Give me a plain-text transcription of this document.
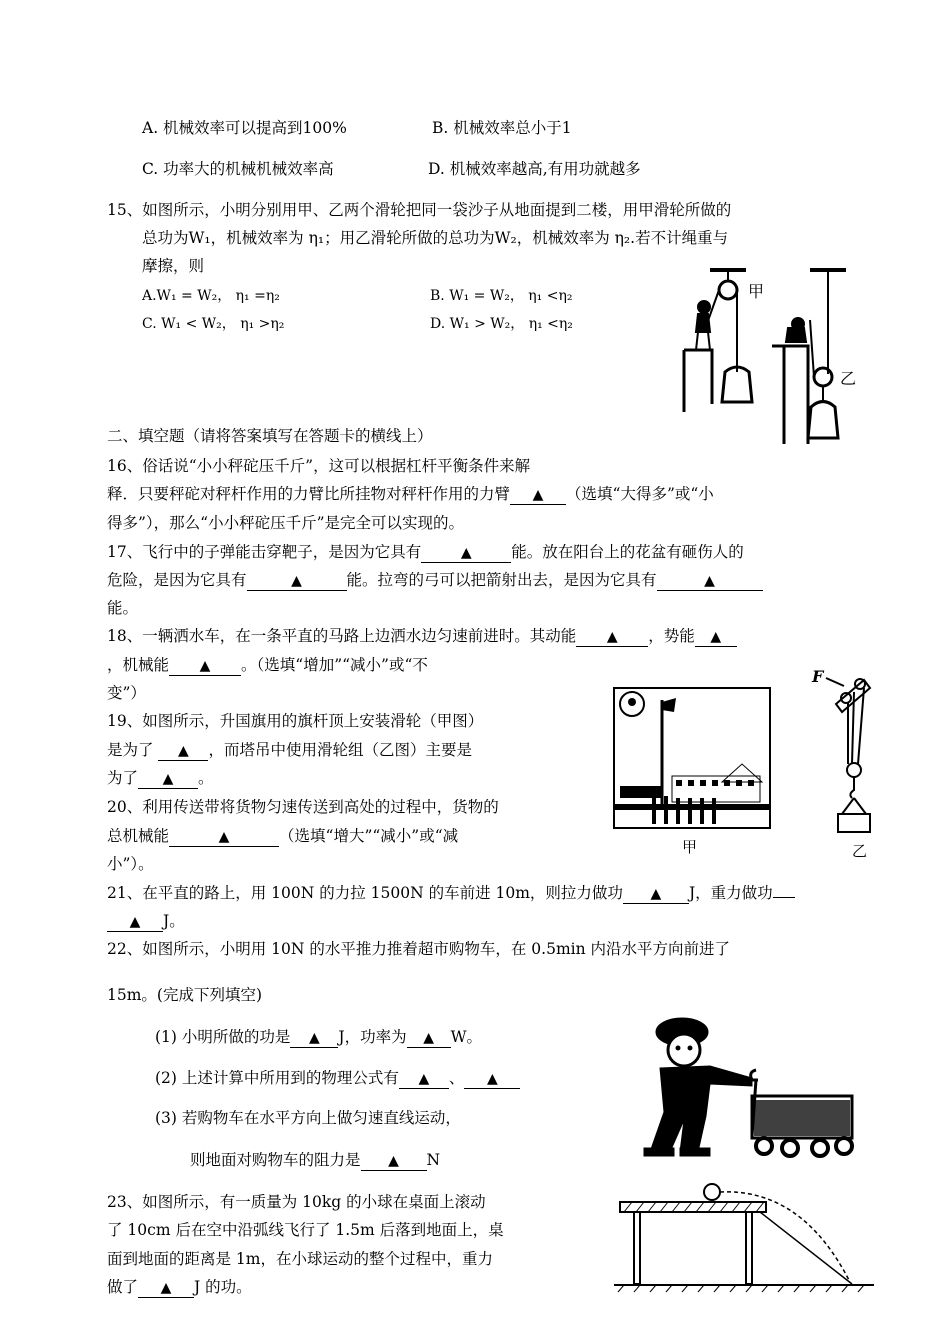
A. 机械效率可以提高到100%	B. 机械效率总小于1
C. 功率大的机械机械效率高	D. 机械效率越高,有用功就越多
15、如图所示，小明分别用甲、乙两个滑轮把同一袋沙子从地面提到二楼，用甲滑轮所做的
总功为W₁，机械效率为 η₁；用乙滑轮所做的总功为W₂，机械效率为 η₂.若不计绳重与
摩擦，则
A.W₁ = W₂， η₁ =η₂	B. W₁ = W₂， η₁ <η₂
C. W₁ < W₂， η₁ >η₂	D. W₁ > W₂， η₁ <η₂
甲
乙
二、填空题（请将答案填写在答题卡的横线上）
16、俗话说“小小秤砣压千斤”，这可以根据杠杆平衡条件来解
释．只要秤砣对秤杆作用的力臂比所挂物对秤杆作用的力臂 ▲ （选填“大得多”或“小
得多”），那么“小小秤砣压千斤”是完全可以实现的。
17、飞行中的子弹能击穿靶子，是因为它具有	▲	能。放在阳台上的花盆有砸伤人的
危险，是因为它具有	▲	能。拉弯的弓可以把箭射出去，是因为它具有	▲
能。
18、一辆洒水车，在一条平直的马路上边洒水边匀速前进时。其动能 ▲ ，势能 ▲
，机械能 ▲ 。（选填“增加”“减小”或“不
变”）
19、如图所示，升国旗用的旗杆顶上安装滑轮（甲图）
是为了 ▲ ，而塔吊中使用滑轮组（乙图）主要是
为了 ▲ 。
甲
F
乙
20、利用传送带将货物匀速传送到高处的过程中，货物的
总机械能	▲	（选填“增大”“减小”或“减
小”）。
21、在平直的路上，用 100N 的力拉 1500N 的车前进 10m，则拉力做功 ▲ J，重力做功
▲ J。
22、如图所示，小明用 10N 的水平推力推着超市购物车，在 0.5min 内沿水平方向前进了
15m。(完成下列填空)
(1) 小明所做的功是 ▲ J，功率为 ▲ W。
(2) 上述计算中所用到的物理公式有 ▲ 、 ▲
(3) 若购物车在水平方向上做匀速直线运动，
则地面对购物车的阻力是 ▲ N
23、如图所示，有一质量为 10kg 的小球在桌面上滚动
了 10cm 后在空中沿弧线飞行了 1.5m 后落到地面上，桌
面到地面的距离是 1m，在小球运动的整个过程中，重力
做了 ▲ J 的功。
